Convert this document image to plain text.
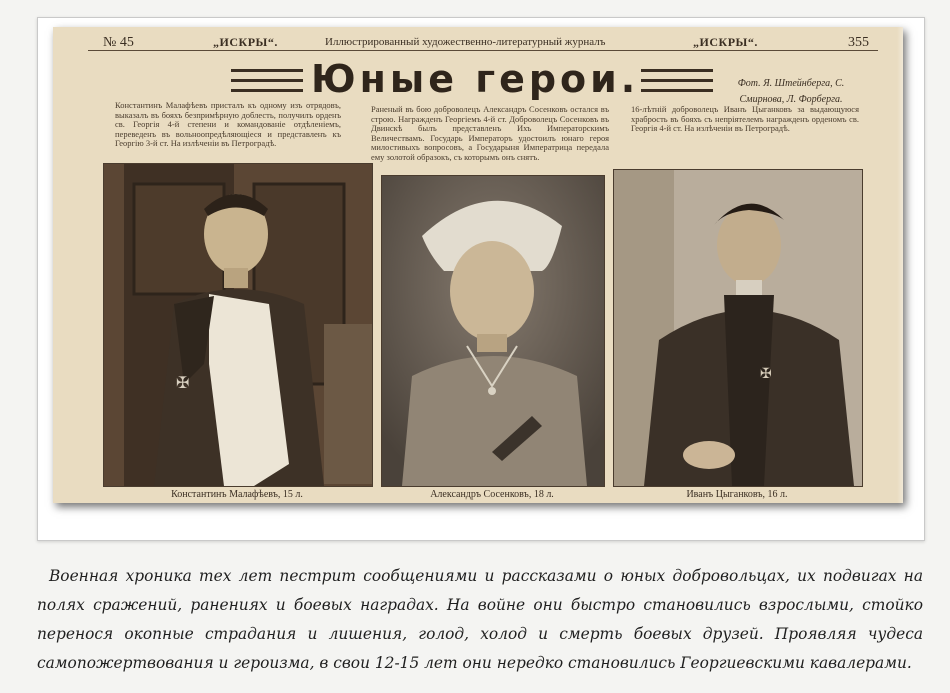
№ 45	„ИСКРЫ“.	Иллюстрированный художественно-литературный журналъ	„ИСКРЫ“.	355
Юные герои.	Фот. Я. Штейнберга, С.
Смирнова, Л. Форберга.
Константинъ Малафѣевъ присталъ къ одному изъ отрядовъ, выказалъ въ бояхъ безпримѣрную доблесть, получилъ орденъ св. Георгія 4-й степени и командованіе отдѣленіемъ, переведенъ въ вольноопредѣляющіеся и представленъ къ Георгію 3-й ст. На излѣченіи въ Петроградѣ.
Раненый въ бою доброволецъ Александръ Сосенковъ остался въ строю. Награжденъ Георгіемъ 4-й ст. Доброволецъ Сосенковъ въ Двинскѣ былъ представленъ Ихъ Императорскимъ Величествамъ. Государь Императоръ удостоилъ юнаго героя милостивыхъ вопросовъ, а Государыня Императрица передала ему золотой образокъ, съ которымъ онъ снятъ.
16-лѣтній доброволецъ Иванъ Цыганковъ за выдающуюся храбрость въ бояхъ съ непріятелемъ награжденъ орденомъ св. Георгія 4-й ст. На излѣченіи въ Петроградѣ.
✠
✠
Константинъ Малафѣевъ, 15 л.	Александръ Сосенковъ, 18 л.	Иванъ Цыганковъ, 16 л.
Военная хроника тех лет пестрит сообщениями и рассказами о юных добровольцах, их подвигах на полях сражений, ранениях и боевых наградах. На войне они быстро становились взрослыми, стойко перенося окопные страдания и лишения, голод, холод и смерть боевых друзей. Проявляя чудеса самопожертвования и героизма, в свои 12-15 лет они нередко становились Георгиевскими кавалерами.
